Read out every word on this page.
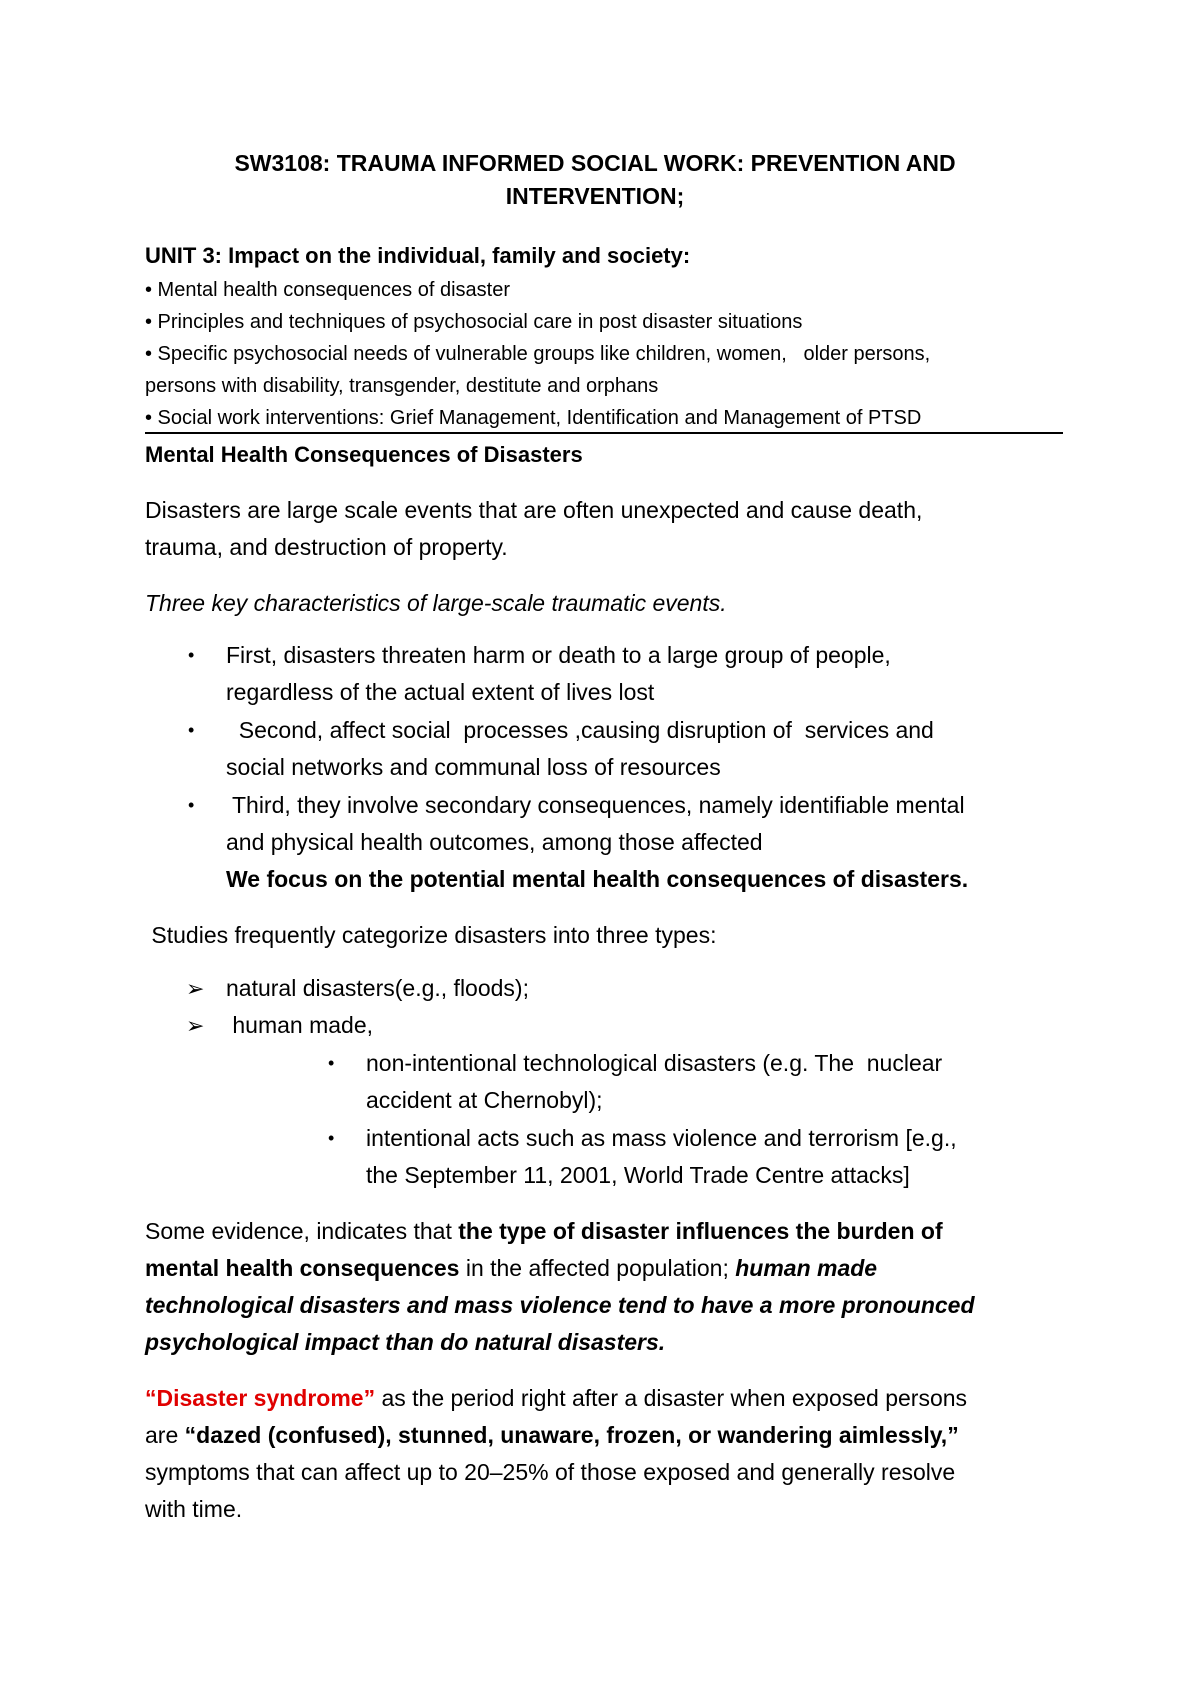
SW3108: TRAUMA INFORMED SOCIAL WORK: PREVENTION AND
INTERVENTION;
UNIT 3: Impact on the individual, family and society:
• Mental health consequences of disaster
• Principles and techniques of psychosocial care in post disaster situations
• Specific psychosocial needs of vulnerable groups like children, women,   older persons,
persons with disability, transgender, destitute and orphans
• Social work interventions: Grief Management, Identification and Management of PTSD
Mental Health Consequences of Disasters
Disasters are large scale events that are often unexpected and cause death,
trauma, and destruction of property.
Three key characteristics of large-scale traumatic events.
• First, disasters threaten harm or death to a large group of people,
regardless of the actual extent of lives lost
• Second, affect social  processes ,causing disruption of  services and
social networks and communal loss of resources
• Third, they involve secondary consequences, namely identifiable mental
and physical health outcomes, among those affected
We focus on the potential mental health consequences of disasters.
Studies frequently categorize disasters into three types:
➢ natural disasters(e.g., floods);
➢ human made,
• non-intentional technological disasters (e.g. The  nuclear
accident at Chernobyl);
• intentional acts such as mass violence and terrorism [e.g.,
the September 11, 2001, World Trade Centre attacks]
Some evidence, indicates that the type of disaster influences the burden of
mental health consequences in the affected population; human made
technological disasters and mass violence tend to have a more pronounced
psychological impact than do natural disasters.
“Disaster syndrome” as the period right after a disaster when exposed persons
are “dazed (confused), stunned, unaware, frozen, or wandering aimlessly,”
symptoms that can affect up to 20–25% of those exposed and generally resolve
with time.
